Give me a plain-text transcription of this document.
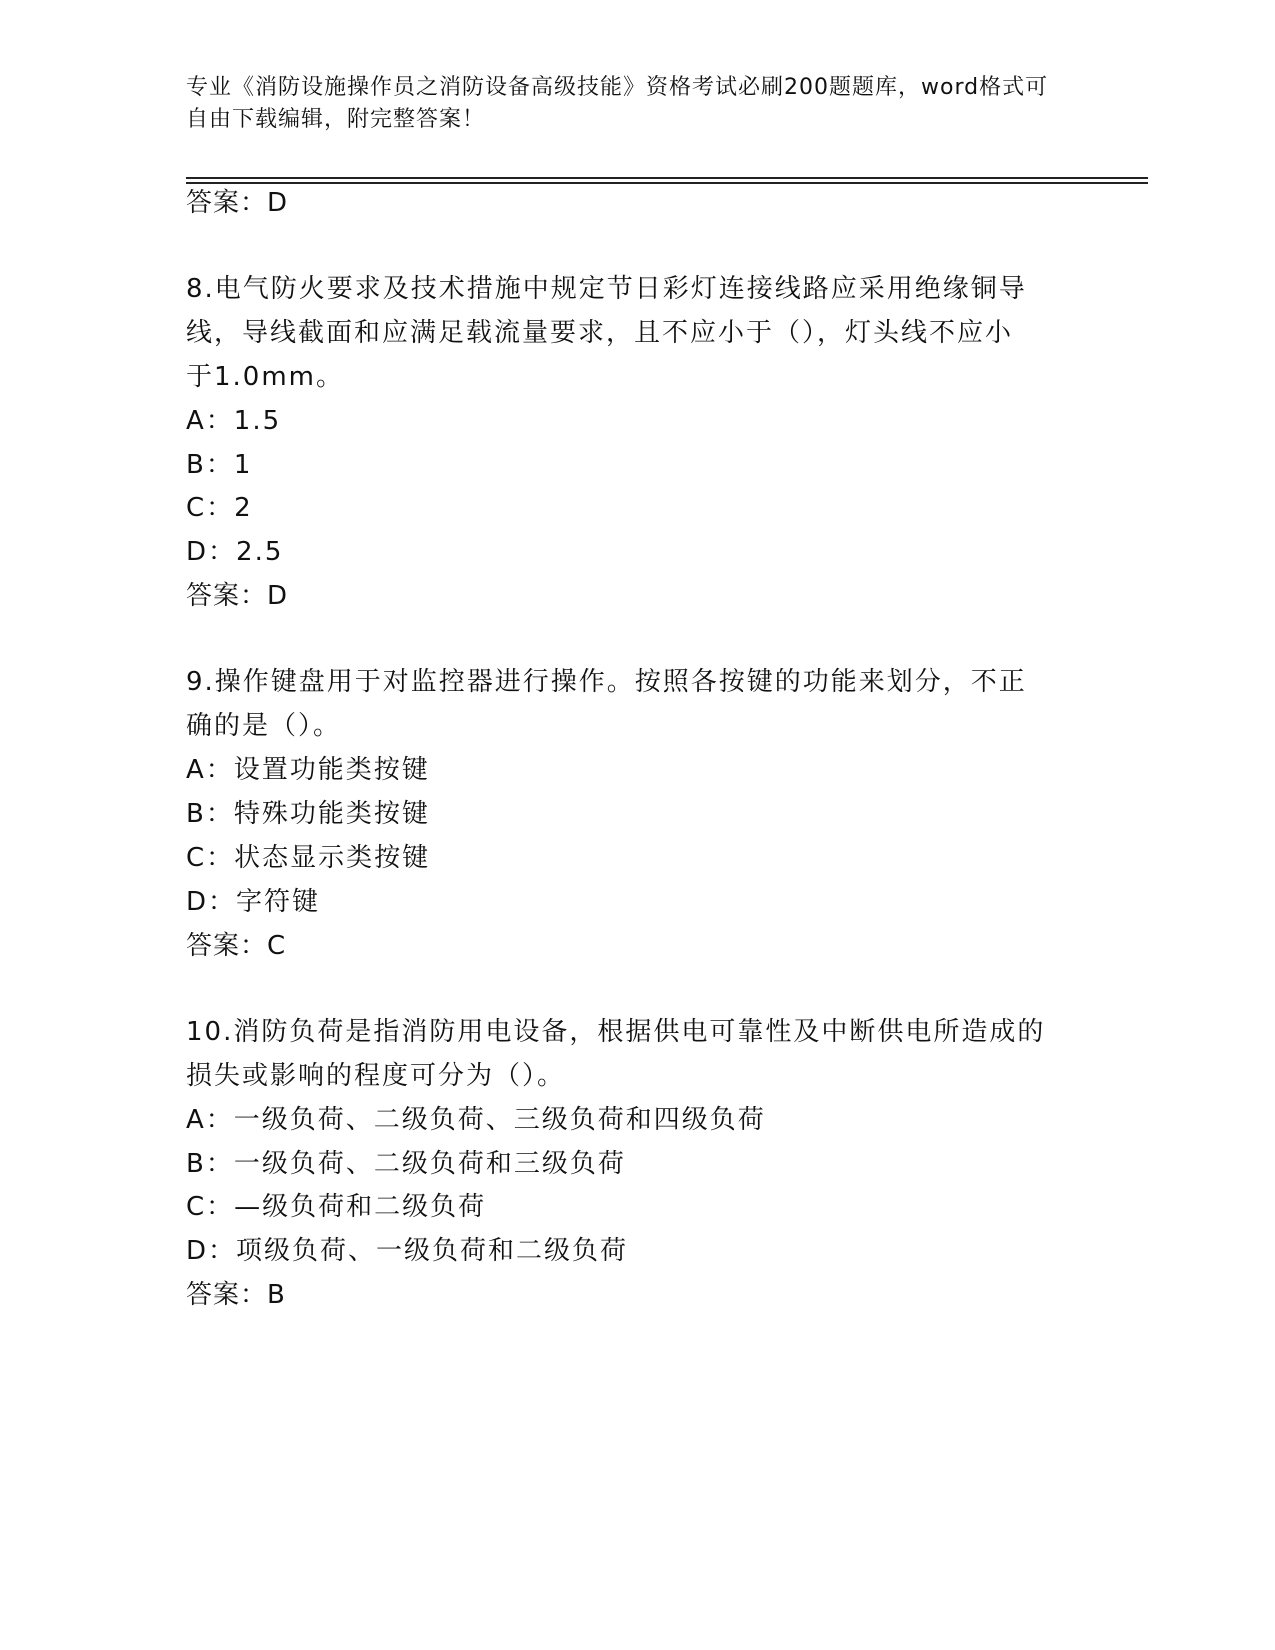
专业《消防设施操作员之消防设备高级技能》资格考试必刷200题题库，word格式可自由下载编辑，附完整答案！
答案：D
8.电气防火要求及技术措施中规定节日彩灯连接线路应采用绝缘铜导
线，导线截面和应满足载流量要求，且不应小于（），灯头线不应小
于1.0mm。
A：1.5
B：1
C：2
D：2.5
答案：D
9.操作键盘用于对监控器进行操作。按照各按键的功能来划分，不正
确的是（）。
A：设置功能类按键
B：特殊功能类按键
C：状态显示类按键
D：字符键
答案：C
10.消防负荷是指消防用电设备，根据供电可靠性及中断供电所造成的
损失或影响的程度可分为（）。
A：一级负荷、二级负荷、三级负荷和四级负荷
B：一级负荷、二级负荷和三级负荷
C：—级负荷和二级负荷
D：项级负荷、一级负荷和二级负荷
答案：B
